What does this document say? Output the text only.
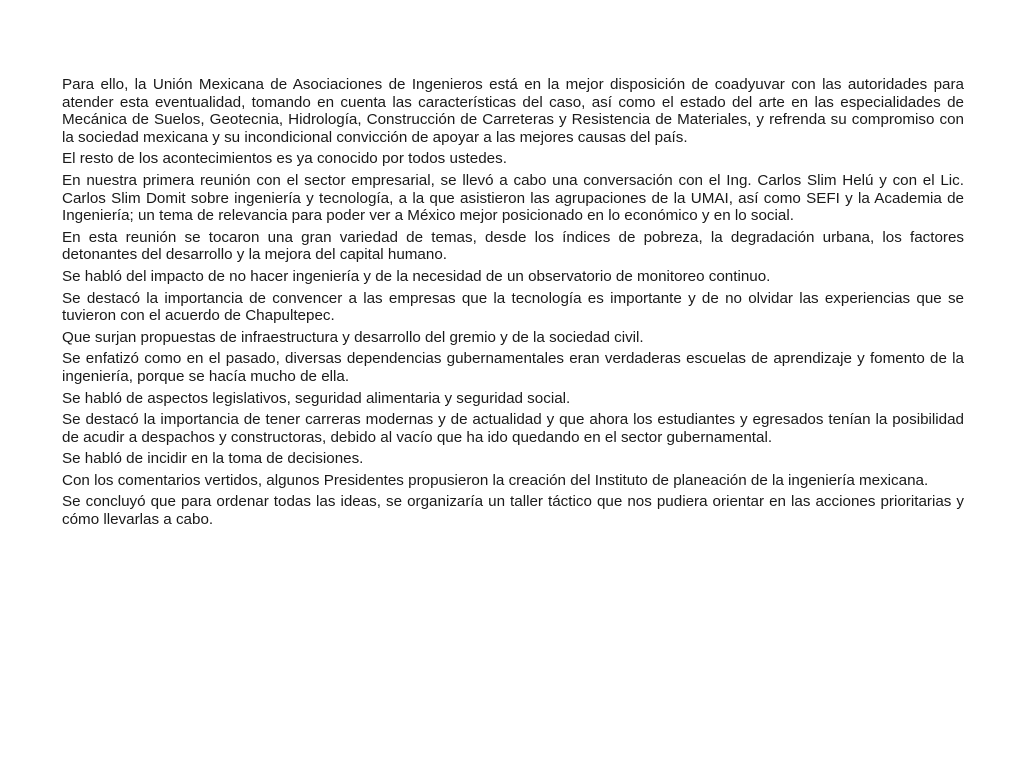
Para ello, la Unión Mexicana de Asociaciones de Ingenieros está en la mejor disposición de coadyuvar con las autoridades para atender esta eventualidad, tomando en cuenta las características del caso, así como el estado del arte en las especialidades de Mecánica de Suelos, Geotecnia, Hidrología, Construcción de Carreteras y Resistencia de Materiales, y refrenda su compromiso con la sociedad mexicana y su incondicional convicción de apoyar a las mejores causas del país.

El resto de los acontecimientos es ya conocido por todos ustedes.

En nuestra primera reunión con el sector empresarial, se llevó a cabo una conversación con el Ing. Carlos Slim Helú y con el Lic. Carlos Slim Domit sobre ingeniería y tecnología, a la que asistieron las agrupaciones de la UMAI, así como SEFI y la Academia de Ingeniería; un tema de relevancia para poder ver a México mejor posicionado en lo económico y en lo social.

En esta reunión se tocaron una gran variedad de temas, desde los índices de pobreza, la degradación urbana, los factores detonantes del desarrollo y la mejora del capital humano.

Se habló del impacto de no hacer ingeniería y de la necesidad de un observatorio de monitoreo continuo.

Se destacó la importancia de convencer a las empresas que la tecnología es importante y de no olvidar las experiencias que se tuvieron con el acuerdo de Chapultepec.

Que surjan propuestas de infraestructura y desarrollo del gremio y de la sociedad civil.

Se enfatizó como en el pasado, diversas dependencias gubernamentales eran verdaderas escuelas de aprendizaje y fomento de la ingeniería, porque se hacía mucho de ella.

Se habló de aspectos legislativos, seguridad alimentaria y seguridad social.

Se destacó la importancia de tener carreras modernas y de actualidad y que ahora los estudiantes y egresados tenían la posibilidad de acudir a despachos y constructoras, debido al vacío que ha ido quedando en el sector gubernamental.

Se habló de incidir en la toma de decisiones.

Con los comentarios vertidos, algunos Presidentes propusieron la creación del Instituto de planeación de la ingeniería mexicana.

Se concluyó que para ordenar todas las ideas, se organizaría un taller táctico que nos pudiera orientar en las acciones prioritarias y cómo llevarlas a cabo.
